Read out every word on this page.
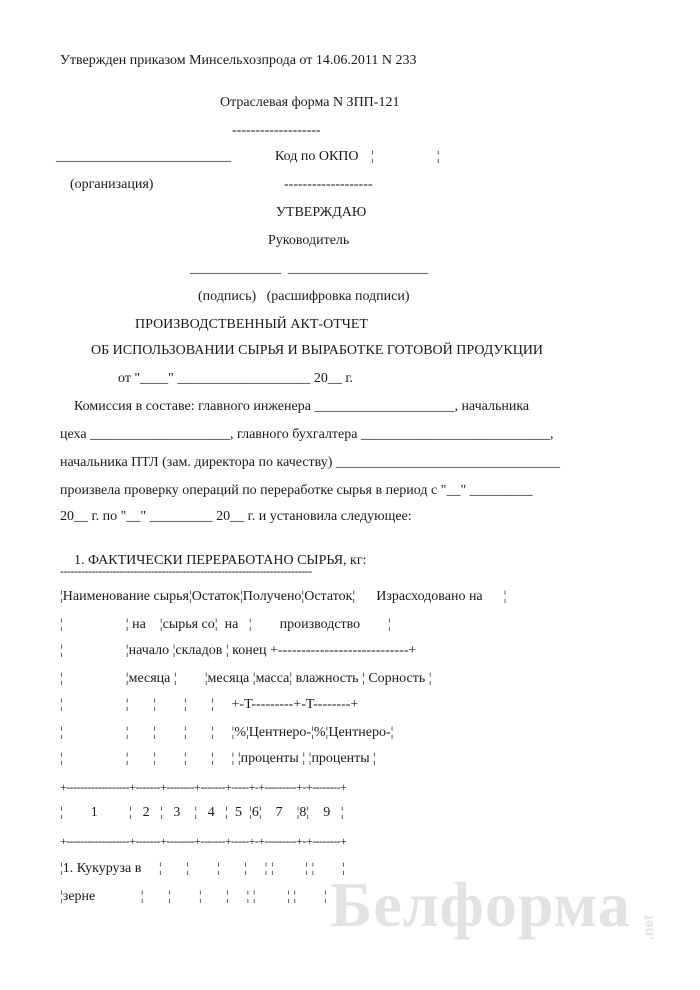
Утвержден приказом Минсельхозпрода от 14.06.2011 N 233
Отраслевая форма N ЗПП-121
-------------------
_________________________	Код по ОКПО ¦                  ¦
(организация)	-------------------
УТВЕРЖДАЮ
Руководитель
_____________  ____________________
(подпись)   (расшифровка подписи)
ПРОИЗВОДСТВЕННЫЙ АКТ-ОТЧЕТ
ОБ ИСПОЛЬЗОВАНИИ СЫРЬЯ И ВЫРАБОТКЕ ГОТОВОЙ ПРОДУКЦИИ
от "____" ___________________ 20__ г.
Комиссия в составе: главного инженера ____________________, начальника
цеха ____________________, главного бухгалтера ___________________________,
начальника ПТЛ (зам. директора по качеству) ________________________________
произвела проверку операций по переработке сырья в период с "__" _________
20__ г. по "__" _________ 20__ г. и установила следующее:

1. ФАКТИЧЕСКИ ПЕРЕРАБОТАНО СЫРЬЯ, кг:

------------------------------------------------------------------------
¦Наименование сырья¦Остаток¦Получено¦Остаток¦      Израсходовано на      ¦
¦                  ¦ на    ¦сырья со¦  на   ¦        производство        ¦
¦                  ¦начало ¦складов ¦ конец +----------------------------+
¦                  ¦месяца ¦        ¦месяца ¦масса¦ влажность ¦ Сорность ¦
¦                  ¦       ¦        ¦       ¦     +-T---------+-T--------+
¦                  ¦       ¦        ¦       ¦     ¦%¦Центнеро-¦%¦Центнеро-¦
¦                  ¦       ¦        ¦       ¦     ¦ ¦проценты ¦ ¦проценты ¦
+------------------+-------+--------+-------+-----+-+---------+-+--------+
¦        1         ¦   2   ¦   3    ¦   4   ¦  5  ¦6¦    7    ¦8¦    9   ¦
+------------------+-------+--------+-------+-----+-+---------+-+--------+
¦1. Кукуруза в     ¦       ¦        ¦       ¦     ¦ ¦         ¦ ¦        ¦
¦зерне             ¦       ¦        ¦       ¦     ¦ ¦         ¦ ¦        ¦ Белформа .net
